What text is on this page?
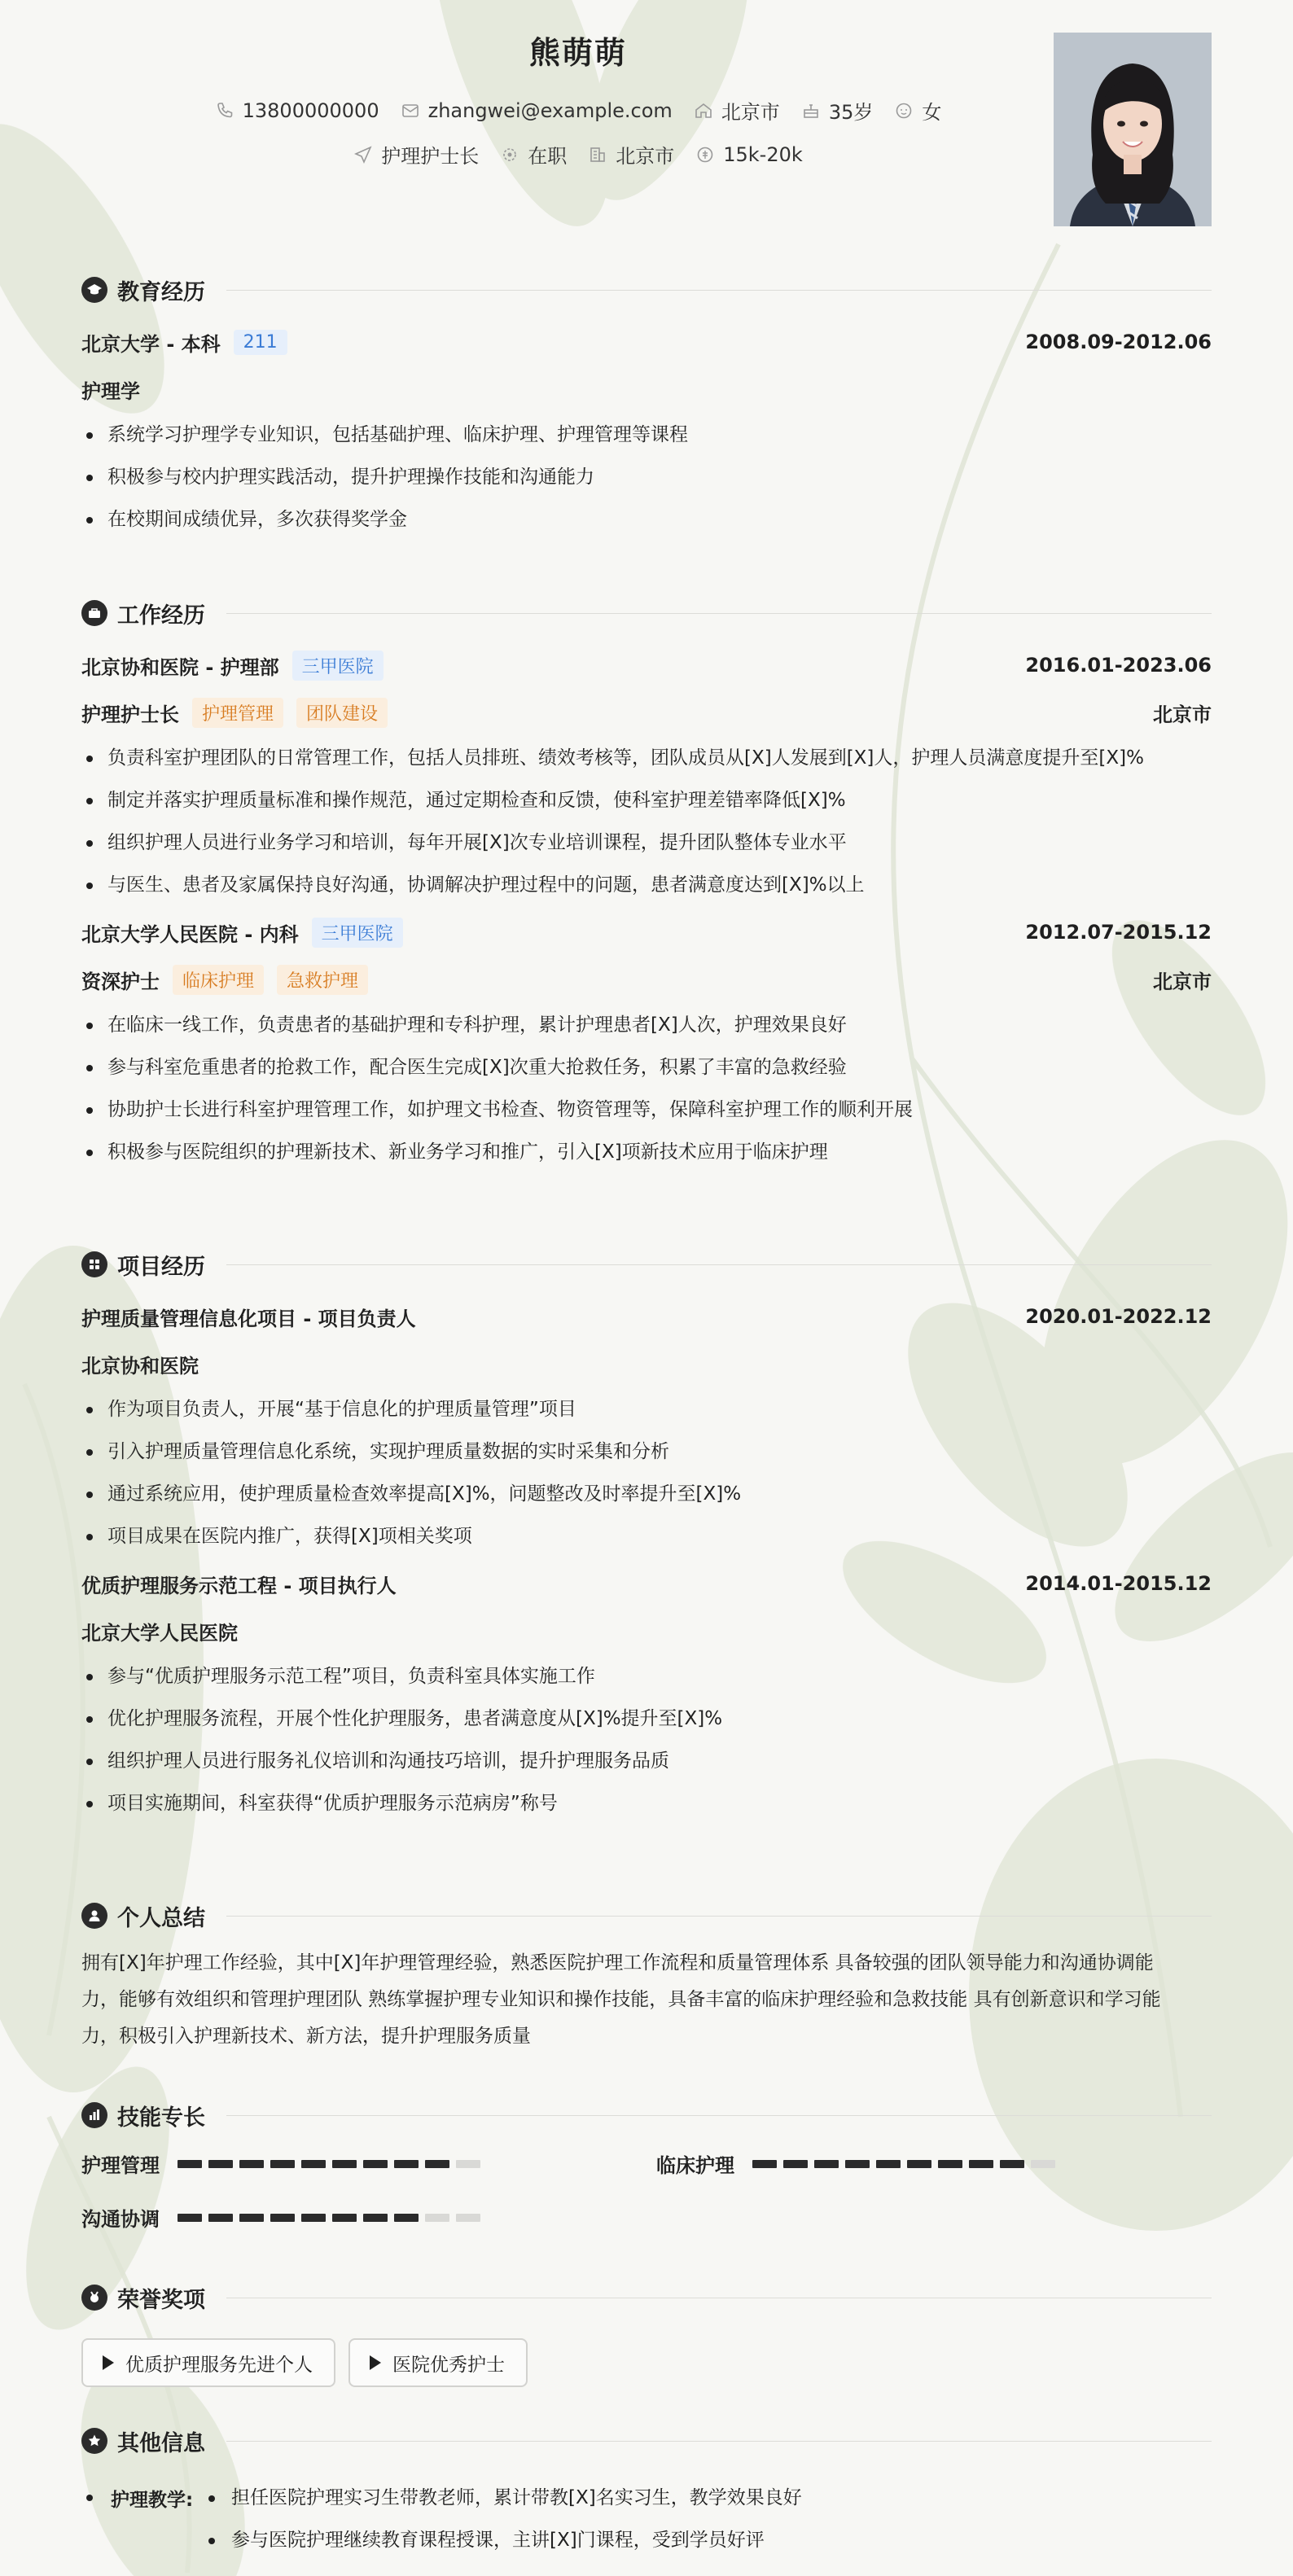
熊萌萌
13800000000	zhangwei@example.com	北京市	35岁	女
护理护士长	在职	北京市	15k-20k
教育经历
北京大学 - 本科	211	2008.09-2012.06
护理学
系统学习护理学专业知识，包括基础护理、临床护理、护理管理等课程
积极参与校内护理实践活动，提升护理操作技能和沟通能力
在校期间成绩优异，多次获得奖学金
工作经历
北京协和医院 - 护理部	三甲医院	2016.01-2023.06
护理护士长	护理管理	团队建设	北京市
负责科室护理团队的日常管理工作，包括人员排班、绩效考核等，团队成员从[X]人发展到[X]人，护理人员满意度提升至[X]%
制定并落实护理质量标准和操作规范，通过定期检查和反馈，使科室护理差错率降低[X]%
组织护理人员进行业务学习和培训，每年开展[X]次专业培训课程，提升团队整体专业水平
与医生、患者及家属保持良好沟通，协调解决护理过程中的问题，患者满意度达到[X]%以上
北京大学人民医院 - 内科	三甲医院	2012.07-2015.12
资深护士	临床护理	急救护理	北京市
在临床一线工作，负责患者的基础护理和专科护理，累计护理患者[X]人次，护理效果良好
参与科室危重患者的抢救工作，配合医生完成[X]次重大抢救任务，积累了丰富的急救经验
协助护士长进行科室护理管理工作，如护理文书检查、物资管理等，保障科室护理工作的顺利开展
积极参与医院组织的护理新技术、新业务学习和推广，引入[X]项新技术应用于临床护理
项目经历
护理质量管理信息化项目 - 项目负责人	2020.01-2022.12
北京协和医院
作为项目负责人，开展“基于信息化的护理质量管理”项目
引入护理质量管理信息化系统，实现护理质量数据的实时采集和分析
通过系统应用，使护理质量检查效率提高[X]%，问题整改及时率提升至[X]%
项目成果在医院内推广，获得[X]项相关奖项
优质护理服务示范工程 - 项目执行人	2014.01-2015.12
北京大学人民医院
参与“优质护理服务示范工程”项目，负责科室具体实施工作
优化护理服务流程，开展个性化护理服务，患者满意度从[X]%提升至[X]%
组织护理人员进行服务礼仪培训和沟通技巧培训，提升护理服务品质
项目实施期间，科室获得“优质护理服务示范病房”称号
个人总结
拥有[X]年护理工作经验，其中[X]年护理管理经验，熟悉医院护理工作流程和质量管理体系 具备较强的团队领导能力和沟通协调能
力，能够有效组织和管理护理团队 熟练掌握护理专业知识和操作技能，具备丰富的临床护理经验和急救技能 具有创新意识和学习能
力，积极引入护理新技术、新方法，提升护理服务质量
技能专长
护理管理	临床护理
沟通协调
荣誉奖项
优质护理服务先进个人	医院优秀护士
其他信息
护理教学:	担任医院护理实习生带教老师，累计带教[X]名实习生，教学效果良好
参与医院护理继续教育课程授课，主讲[X]门课程，受到学员好评
